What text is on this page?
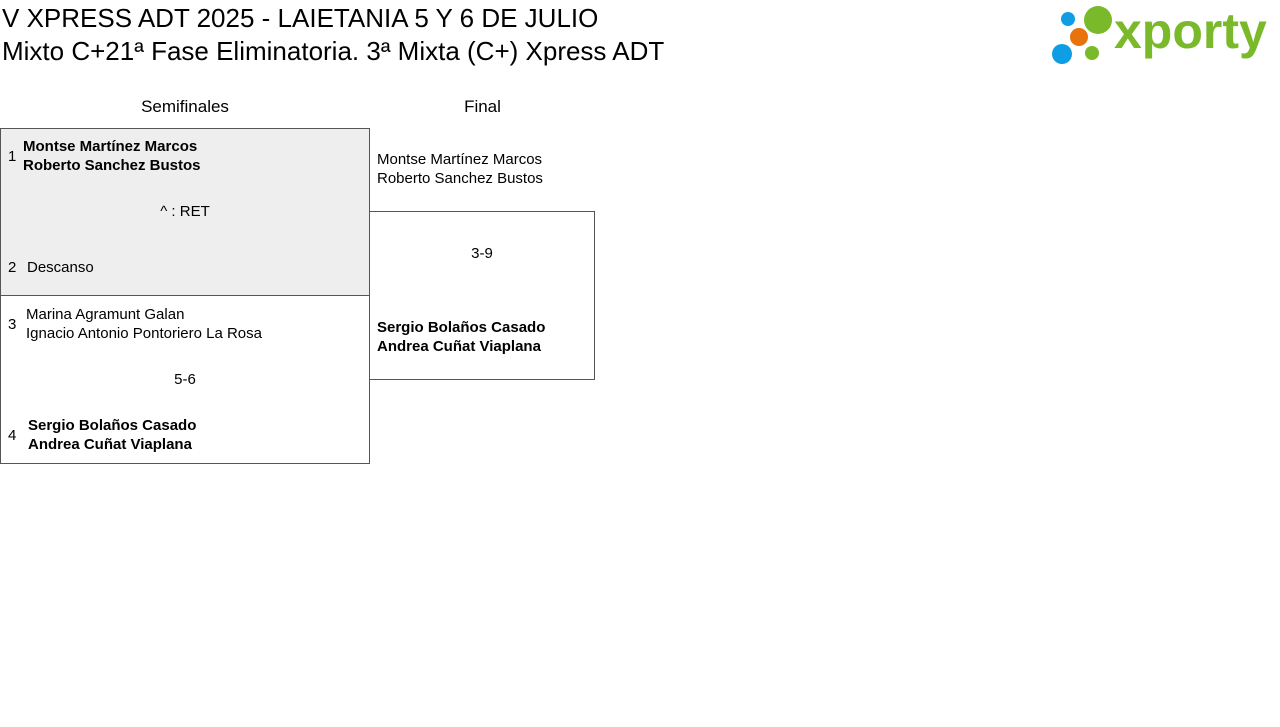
V XPRESS ADT 2025 - LAIETANIA 5 Y 6 DE JULIO
Mixto C+21ª Fase Eliminatoria. 3ª Mixta (C+) Xpress ADT	xporty
Semifinales	Final
1
Montse Martínez Marcos
Roberto Sanchez Bustos
^ : RET
2 Descanso
3
Marina Agramunt Galan
Ignacio Antonio Pontoriero La Rosa
5-6
4
Sergio Bolaños Casado
Andrea Cuñat Viaplana
Montse Martínez Marcos
Roberto Sanchez Bustos
3-9
Sergio Bolaños Casado
Andrea Cuñat Viaplana
